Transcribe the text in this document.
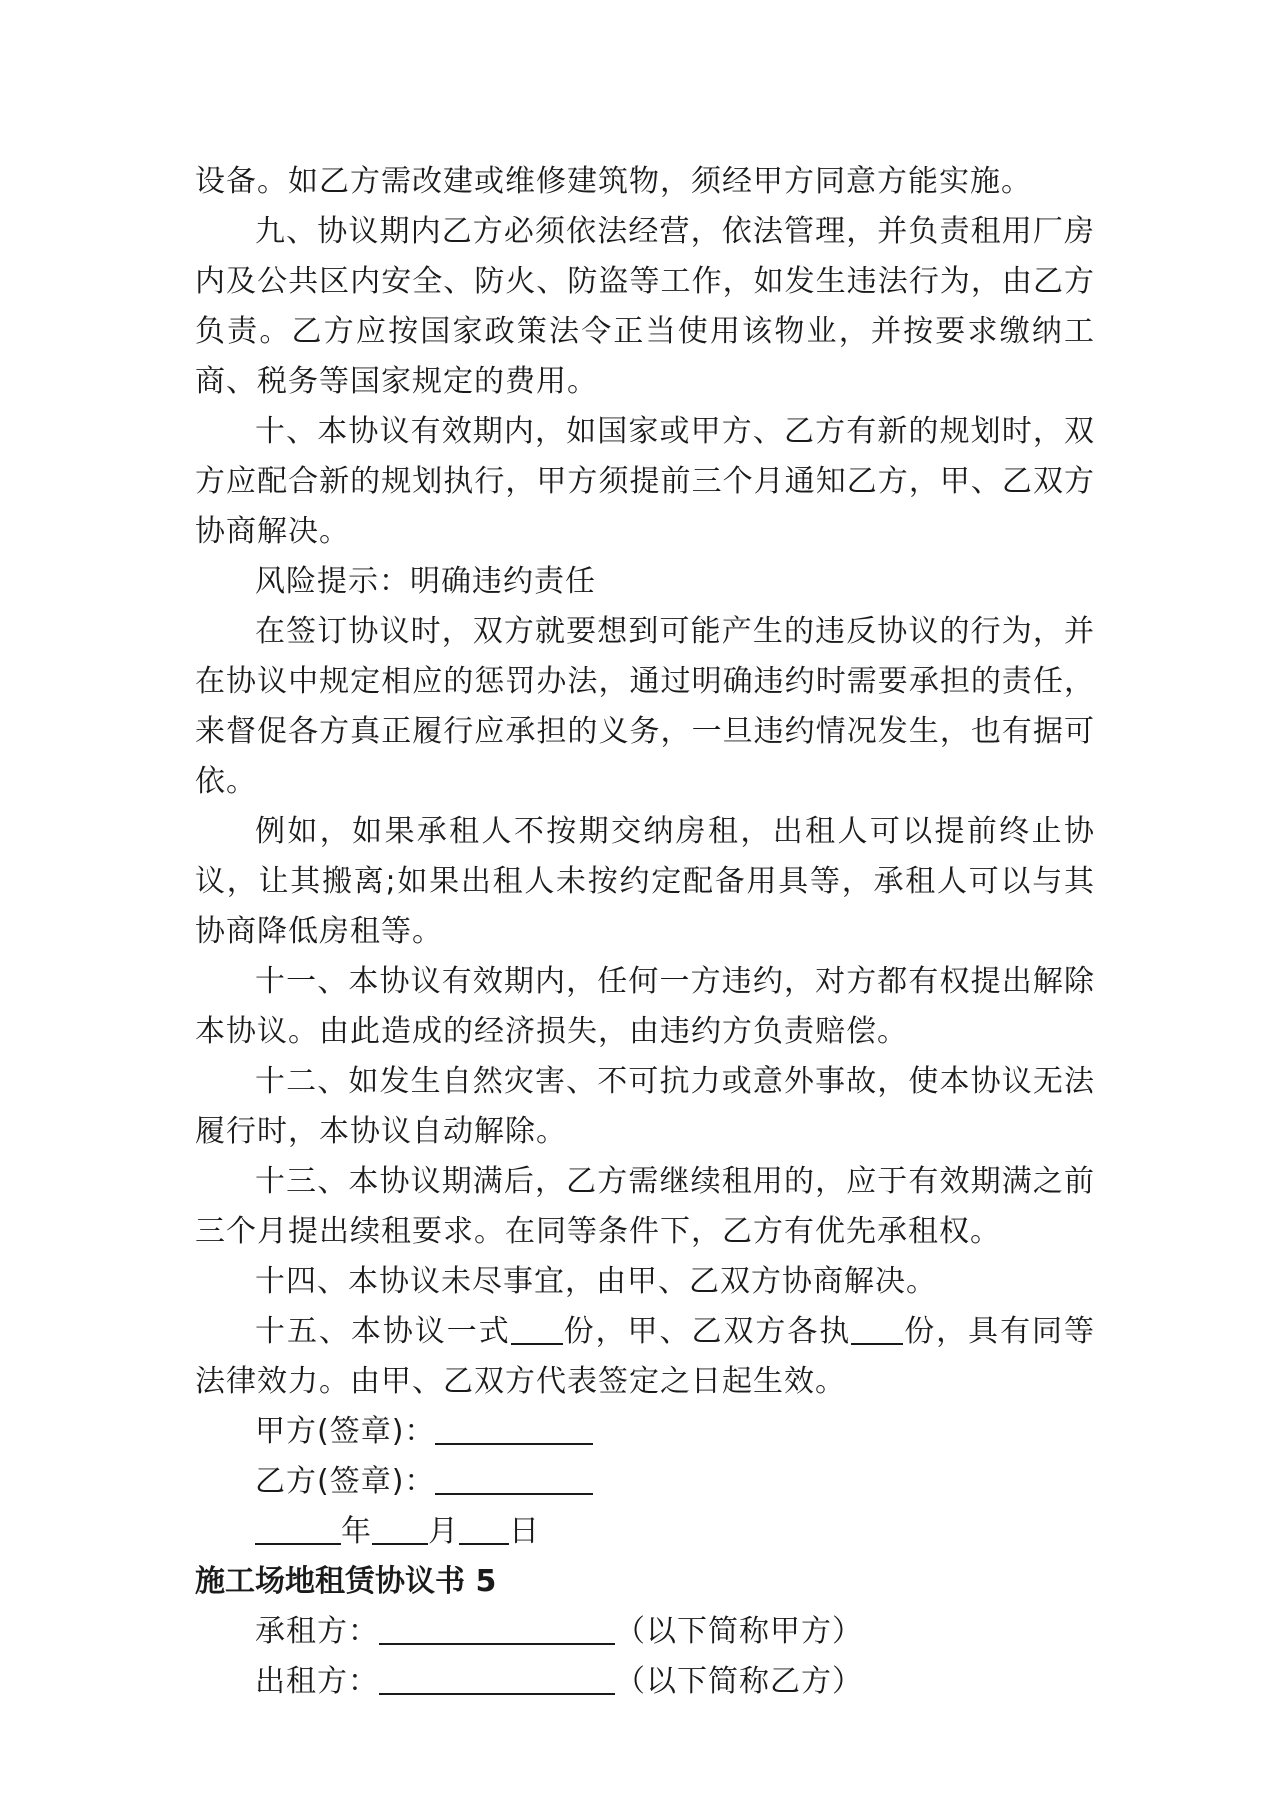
设备。如乙方需改建或维修建筑物，须经甲方同意方能实施。

九、协议期内乙方必须依法经营，依法管理，并负责租用厂房内及公共区内安全、防火、防盗等工作，如发生违法行为，由乙方负责。乙方应按国家政策法令正当使用该物业，并按要求缴纳工商、税务等国家规定的费用。

十、本协议有效期内，如国家或甲方、乙方有新的规划时，双方应配合新的规划执行，甲方须提前三个月通知乙方，甲、乙双方协商解决。

风险提示：明确违约责任

在签订协议时，双方就要想到可能产生的违反协议的行为，并在协议中规定相应的惩罚办法，通过明确违约时需要承担的责任，来督促各方真正履行应承担的义务，一旦违约情况发生，也有据可依。

例如，如果承租人不按期交纳房租，出租人可以提前终止协议，让其搬离;如果出租人未按约定配备用具等，承租人可以与其协商降低房租等。

十一、本协议有效期内，任何一方违约，对方都有权提出解除本协议。由此造成的经济损失，由违约方负责赔偿。

十二、如发生自然灾害、不可抗力或意外事故，使本协议无法履行时，本协议自动解除。

十三、本协议期满后，乙方需继续租用的，应于有效期满之前三个月提出续租要求。在同等条件下，乙方有优先承租权。

十四、本协议未尽事宜，由甲、乙双方协商解决。

十五、本协议一式 份，甲、乙双方各执 份，具有同等法律效力。由甲、乙双方代表签定之日起生效。

甲方(签章)：

乙方(签章)：

年 月 日

施工场地租赁协议书 5

承租方：	（以下简称甲方）

出租方：	（以下简称乙方）
